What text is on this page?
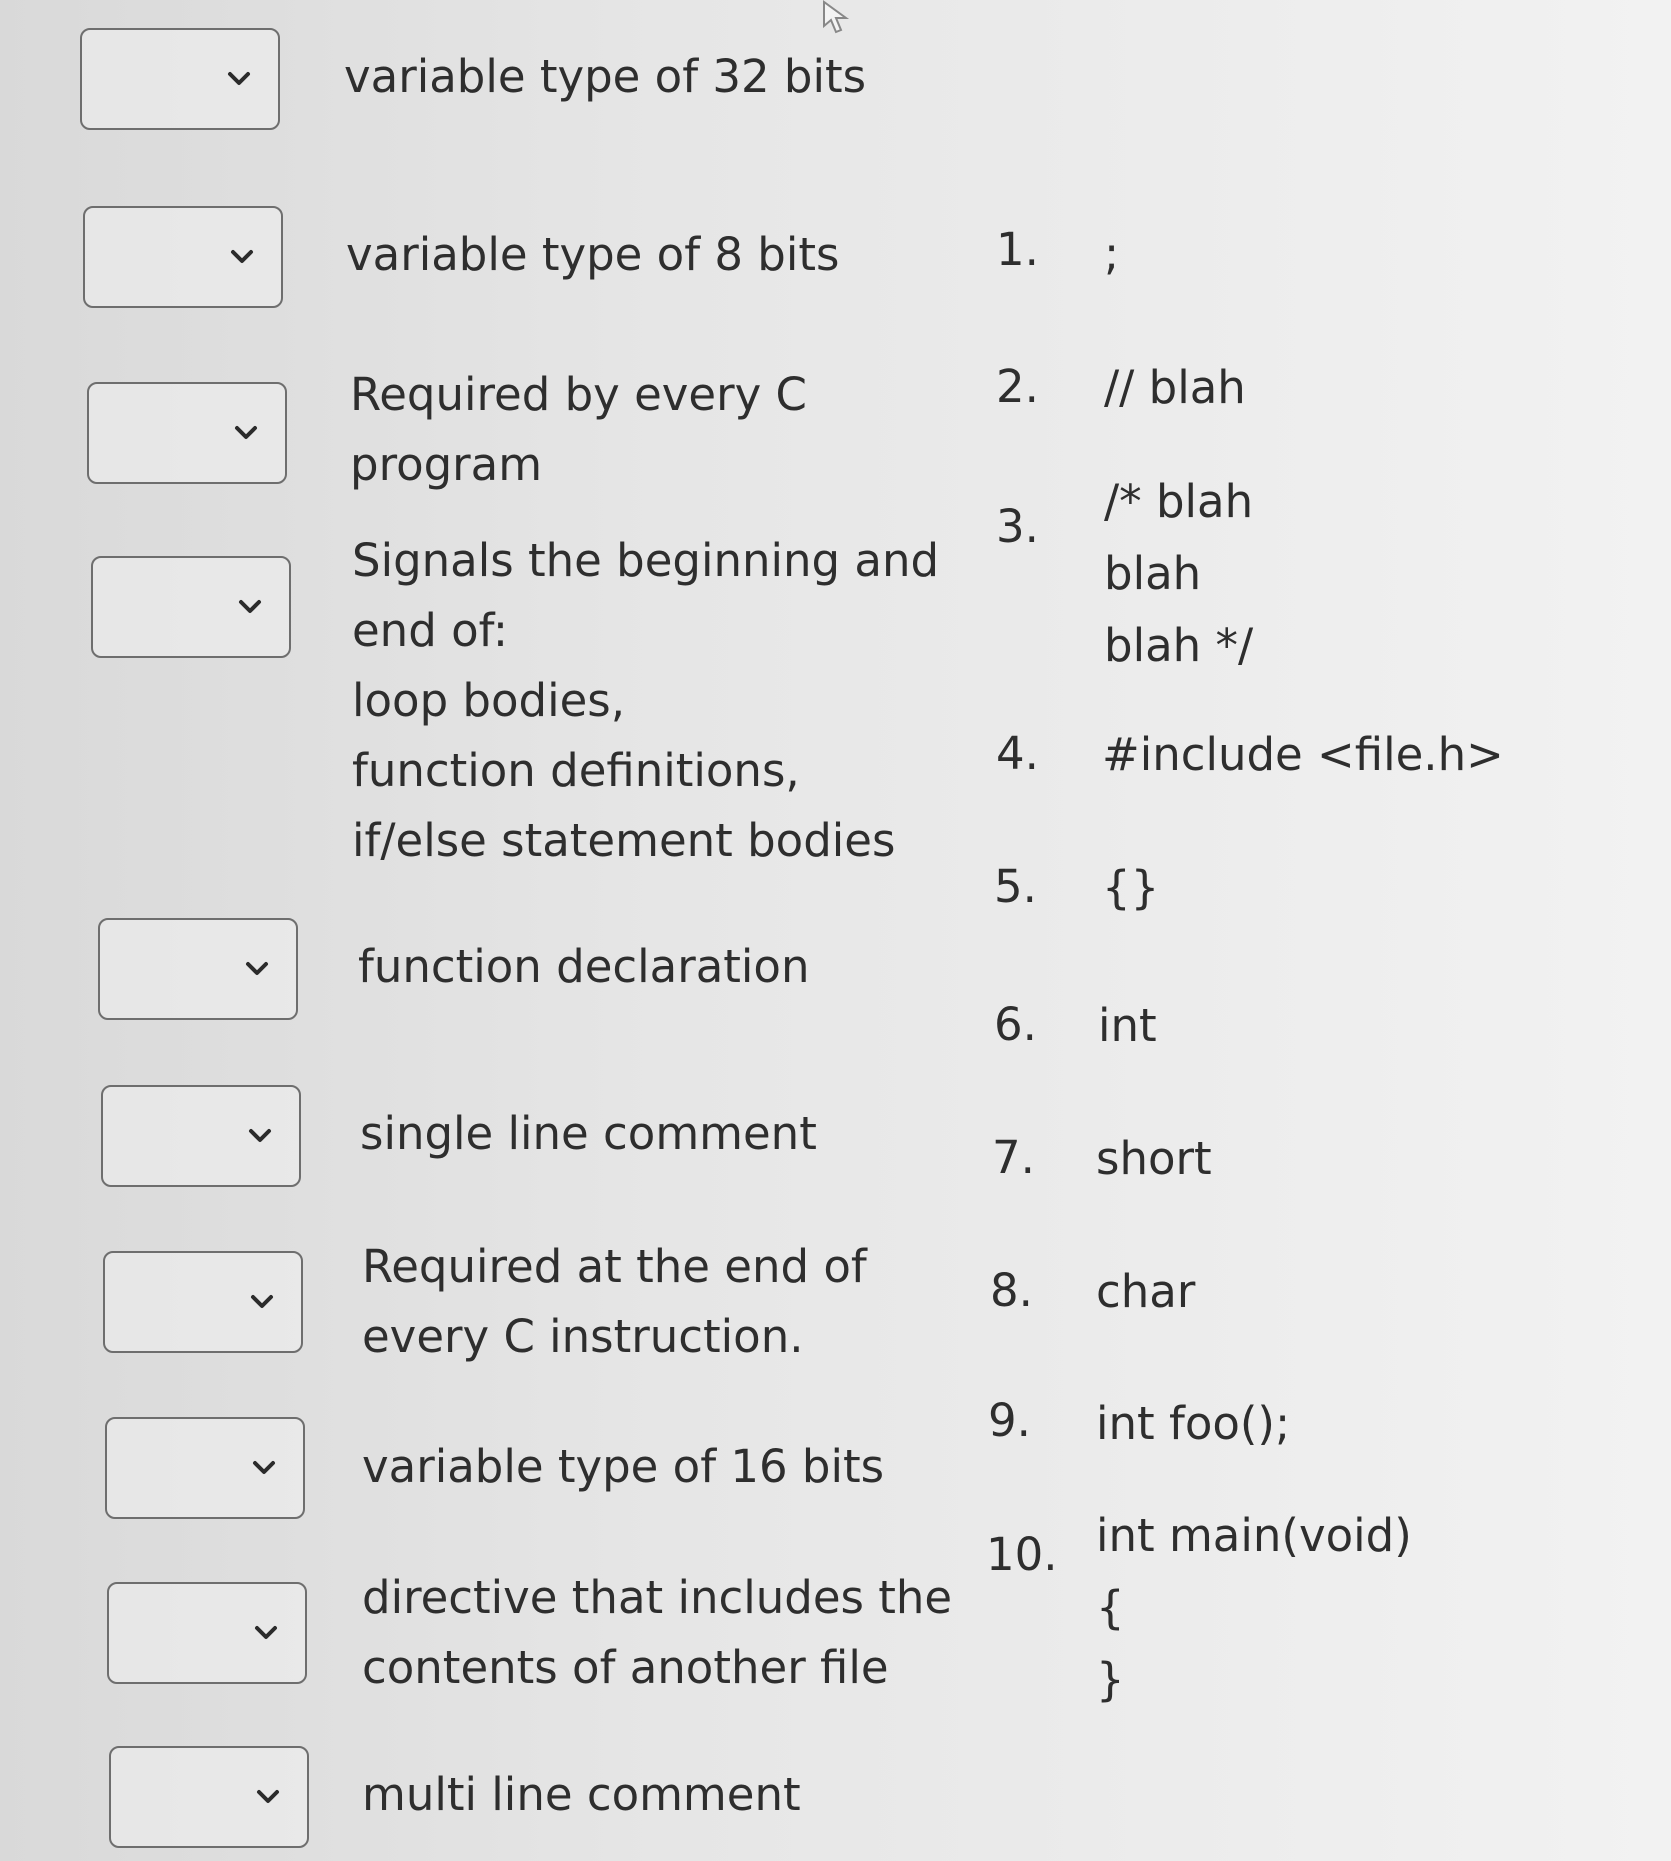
variable type of 32 bits
variable type of 8 bits
Required by every C
program
Signals the beginning and
end of:
loop bodies,
function definitions,
if/else statement bodies
function declaration
single line comment
Required at the end of
every C instruction.
variable type of 16 bits
directive that includes the
contents of another file
multi line comment
1.	;
2.	// blah
3.	/* blah
blah
blah */
4.	#include <file.h>
5.	{}
6.	int
7.	short
8.	char
9.	int foo();
10. int main(void)
{
}
